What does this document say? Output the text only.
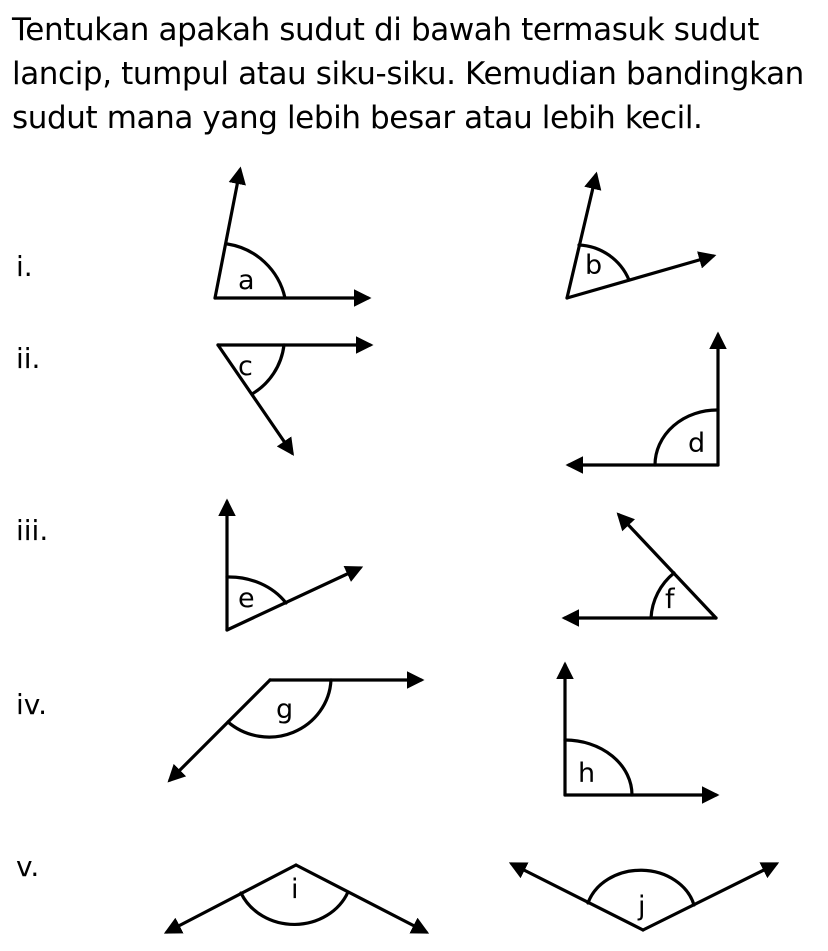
Tentukan apakah sudut di bawah termasuk sudut lancip, tumpul atau siku-siku. Kemudian bandingkan sudut mana yang lebih besar atau lebih kecil.
i.
ii.
iii.
iv.
v.
a	b
c
d
e	f
g
h
i
j
